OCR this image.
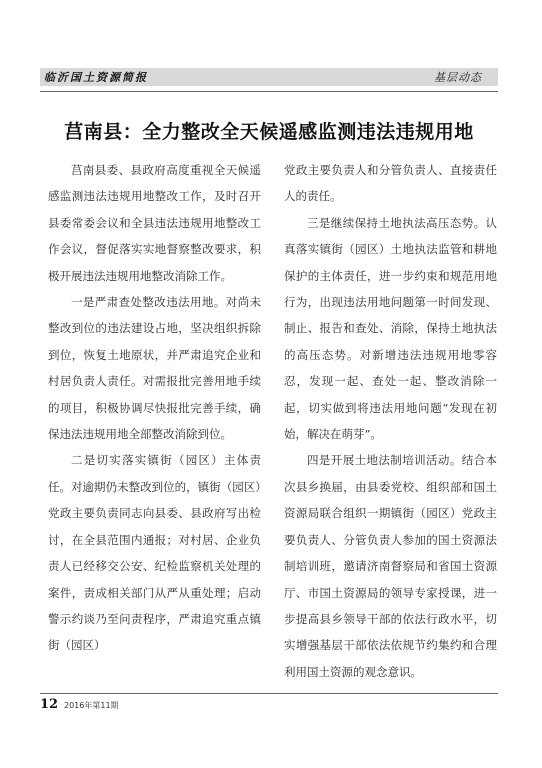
临沂国土资源简报	基层动态
莒南县：全力整改全天候遥感监测违法违规用地

莒南县委、县政府高度重视全天候遥感监测违法违规用地整改工作，及时召开县委常委会议和全县违法违规用地整改工作会议，督促落实实地督察整改要求，积极开展违法违规用地整改消除工作。

一是严肃查处整改违法用地。对尚未整改到位的违法建设占地，坚决组织拆除到位，恢复土地原状，并严肃追究企业和村居负责人责任。对需报批完善用地手续的项目，积极协调尽快报批完善手续，确保违法违规用地全部整改消除到位。

二是切实落实镇街（园区）主体责任。对逾期仍未整改到位的，镇街（园区）党政主要负责同志向县委、县政府写出检讨，在全县范围内通报；对村居、企业负责人已经移交公安、纪检监察机关处理的案件，责成相关部门从严从重处理；启动警示约谈乃至问责程序，严肃追究重点镇街（园区）

党政主要负责人和分管负责人、直接责任人的责任。

三是继续保持土地执法高压态势。认真落实镇街（园区）土地执法监管和耕地保护的主体责任，进一步约束和规范用地行为，出现违法用地问题第一时间发现、制止、报告和查处、消除，保持土地执法的高压态势。对新增违法违规用地零容忍，发现一起、查处一起、整改消除一起，切实做到将违法用地问题“发现在初始，解决在萌芽”。

四是开展土地法制培训活动。结合本次县乡换届，由县委党校、组织部和国土资源局联合组织一期镇街（园区）党政主要负责人、分管负责人参加的国土资源法制培训班，邀请济南督察局和省国土资源厅、市国土资源局的领导专家授课，进一步提高县乡领导干部的依法行政水平，切实增强基层干部依法依规节约集约和合理利用国土资源的观念意识。

12 2016年第11期
